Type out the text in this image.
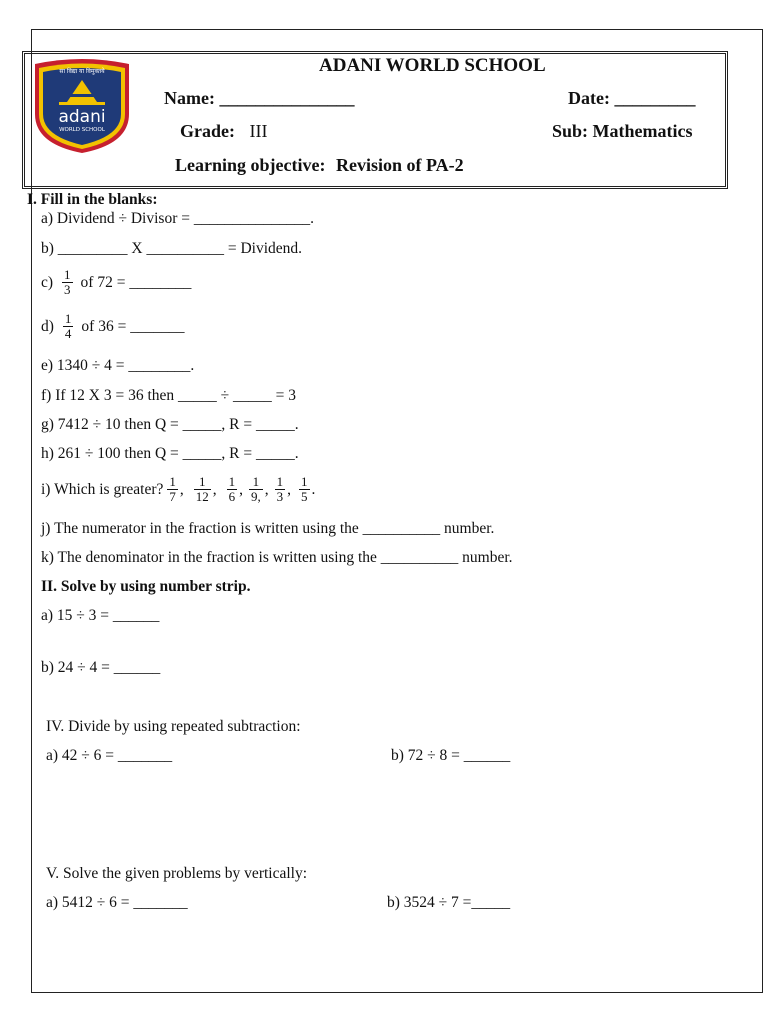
सा विद्या या विमुक्तये
adani
WORLD SCHOOL
ADANI WORLD SCHOOL
Name: _______________	Date: _________
Grade: III	Sub: Mathematics
Learning objective: Revision of PA-2
I. Fill in the blanks:
a) Dividend ÷ Divisor = _______________.
b) _________ X __________ = Dividend.
$c) \frac{1}{3}$ of 72 = ________
$d) \frac{1}{4}$ of 36 = _______
e) 1340 ÷ 4 = ________.
f) If 12 X 3 = 36 then _____ ÷ _____ = 3
g) 7412 ÷ 10 then Q = _____, R = _____.
h) 261 ÷ 100 then Q = _____, R = _____.
i) Which is greater? $\frac{1}{7}$ , $\frac{1}{12}$ , $\frac{1}{6}$ , $\frac{1}{9,}$ , $\frac{1}{3}$ , $\frac{1}{5}$ .
j) The numerator in the fraction is written using the __________ number.
k) The denominator in the fraction is written using the __________ number.
II. Solve by using number strip.
a) 15 ÷ 3 = ______
b) 24 ÷ 4 = ______
IV. Divide by using repeated subtraction:
a) 42 ÷ 6 = _______	b) 72 ÷ 8 = ______
V. Solve the given problems by vertically:
a) 5412 ÷ 6 = _______	b) 3524 ÷ 7 =_____
